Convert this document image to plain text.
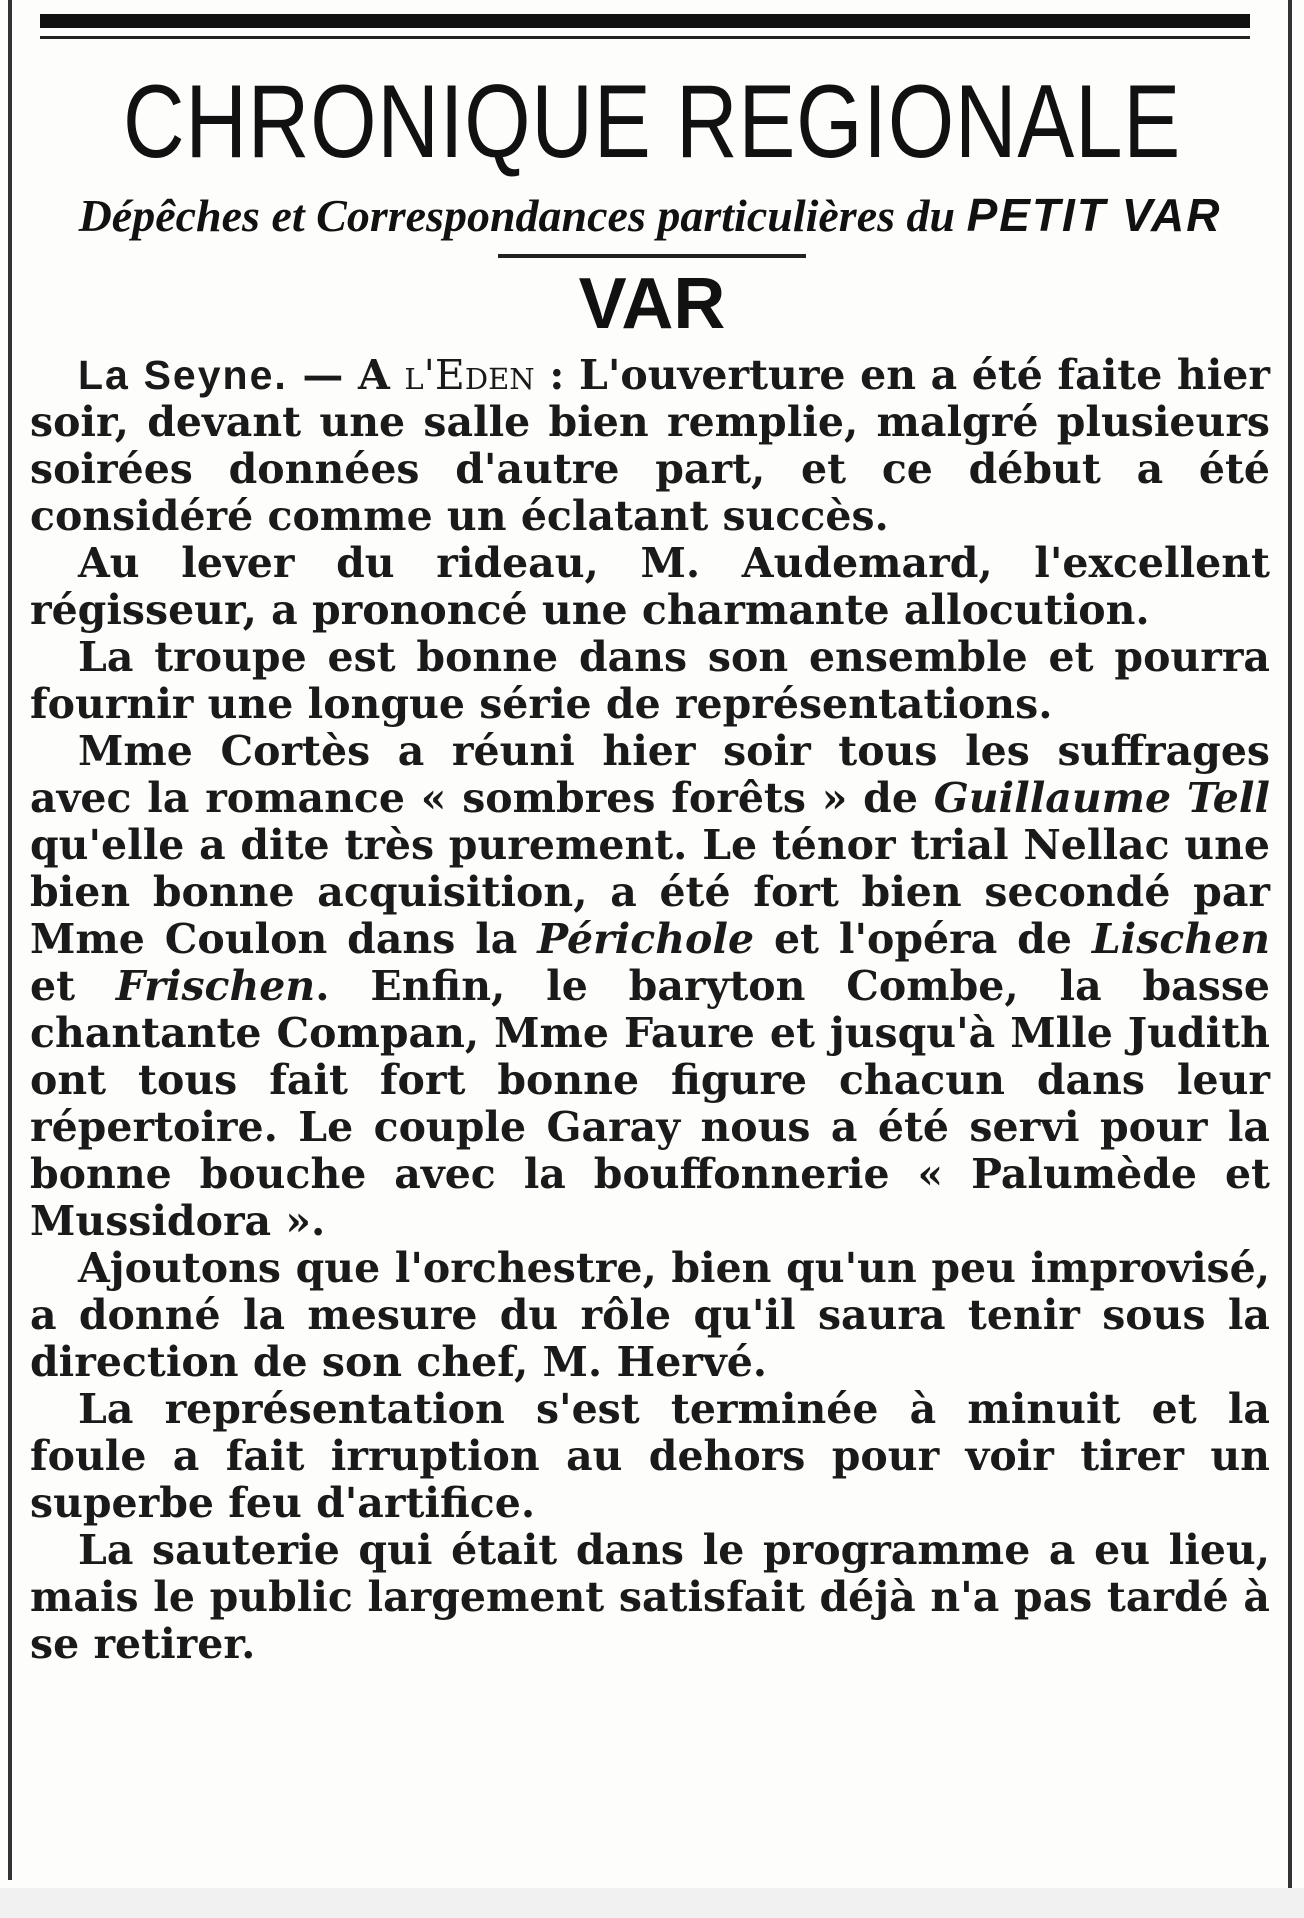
CHRONIQUE REGIONALE
Dépêches et Correspondances particulières du PETIT VAR
VAR

La Seyne. — A l'Eden : L'ouverture en a été faite hier soir, devant une salle bien remplie, malgré plusieurs soirées données d'autre part, et ce début a été considéré comme un éclatant succès.

Au lever du rideau, M. Audemard, l'excellent régisseur, a prononcé une charmante allocution.

La troupe est bonne dans son ensemble et pourra fournir une longue série de représentations.

Mme Cortès a réuni hier soir tous les suffrages avec la romance « sombres forêts » de Guillaume Tell qu'elle a dite très purement. Le ténor trial Nellac une bien bonne acquisition, a été fort bien secondé par Mme Coulon dans la Périchole et l'opéra de Lischen et Frischen. Enfin, le baryton Combe, la basse chantante Compan, Mme Faure et jusqu'à Mlle Judith ont tous fait fort bonne figure chacun dans leur répertoire. Le couple Garay nous a été servi pour la bonne bouche avec la bouffonnerie « Palumède et Mussidora ».

Ajoutons que l'orchestre, bien qu'un peu improvisé, a donné la mesure du rôle qu'il saura tenir sous la direction de son chef, M. Hervé.

La représentation s'est terminée à minuit et la foule a fait irruption au dehors pour voir tirer un superbe feu d'artifice.

La sauterie qui était dans le programme a eu lieu, mais le public largement satisfait déjà n'a pas tardé à se retirer.
